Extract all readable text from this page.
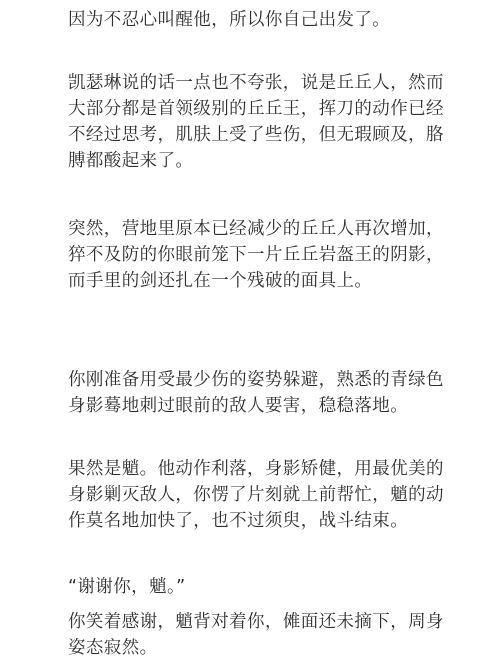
因为不忍心叫醒他，所以你自己出发了。

凯瑟琳说的话一点也不夸张，说是丘丘人，然而
大部分都是首领级别的丘丘王，挥刀的动作已经
不经过思考，肌肤上受了些伤，但无瑕顾及，胳
膊都酸起来了。

突然，营地里原本已经减少的丘丘人再次增加，
猝不及防的你眼前笼下一片丘丘岩盔王的阴影，
而手里的剑还扎在一个残破的面具上。

你刚准备用受最少伤的姿势躲避，熟悉的青绿色
身影蓦地刺过眼前的敌人要害，稳稳落地。

果然是魈。他动作利落，身影矫健，用最优美的
身影剿灭敌人，你愣了片刻就上前帮忙，魈的动
作莫名地加快了，也不过须臾，战斗结束。

“谢谢你，魈。”

你笑着感谢，魈背对着你，傩面还未摘下，周身
姿态寂然。
